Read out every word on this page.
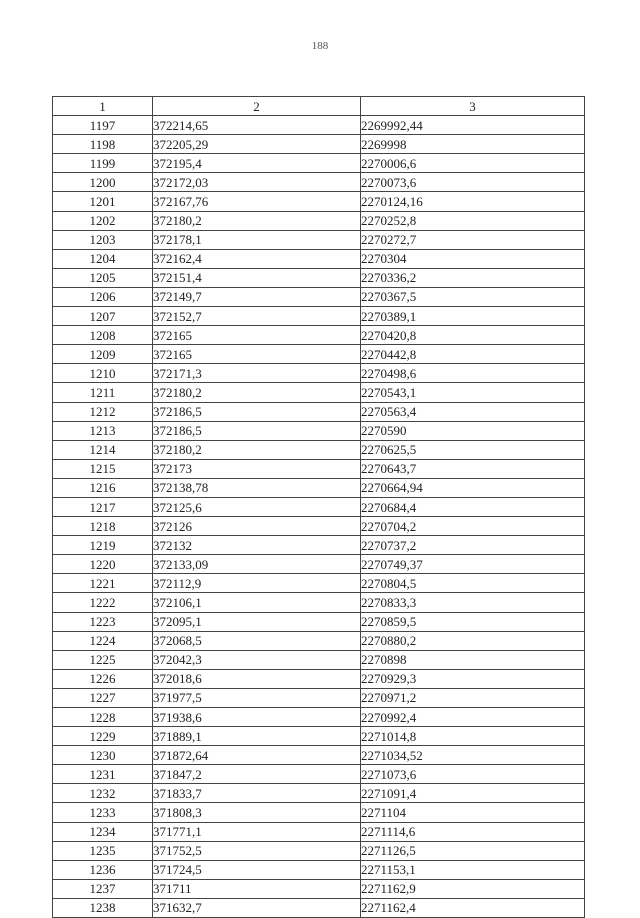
188
1	2	3
1197	372214,65	2269992,44
1198	372205,29	2269998
1199	372195,4	2270006,6
1200	372172,03	2270073,6
1201	372167,76	2270124,16
1202	372180,2	2270252,8
1203	372178,1	2270272,7
1204	372162,4	2270304
1205	372151,4	2270336,2
1206	372149,7	2270367,5
1207	372152,7	2270389,1
1208	372165	2270420,8
1209	372165	2270442,8
1210	372171,3	2270498,6
1211	372180,2	2270543,1
1212	372186,5	2270563,4
1213	372186,5	2270590
1214	372180,2	2270625,5
1215	372173	2270643,7
1216	372138,78	2270664,94
1217	372125,6	2270684,4
1218	372126	2270704,2
1219	372132	2270737,2
1220	372133,09	2270749,37
1221	372112,9	2270804,5
1222	372106,1	2270833,3
1223	372095,1	2270859,5
1224	372068,5	2270880,2
1225	372042,3	2270898
1226	372018,6	2270929,3
1227	371977,5	2270971,2
1228	371938,6	2270992,4
1229	371889,1	2271014,8
1230	371872,64	2271034,52
1231	371847,2	2271073,6
1232	371833,7	2271091,4
1233	371808,3	2271104
1234	371771,1	2271114,6
1235	371752,5	2271126,5
1236	371724,5	2271153,1
1237	371711	2271162,9
1238	371632,7	2271162,4
